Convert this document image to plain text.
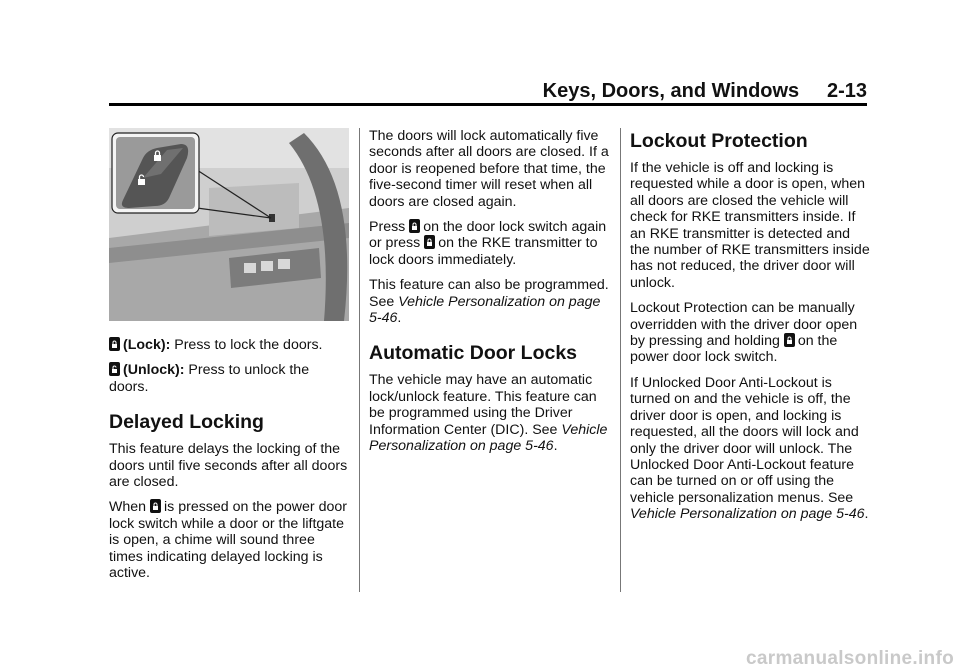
Keys, Doors, and Windows     2-13

(Lock): Press to lock the doors.

(Unlock): Press to unlock the doors.

Delayed Locking

This feature delays the locking of the doors until five seconds after all doors are closed.

When is pressed on the power door lock switch while a door or the liftgate is open, a chime will sound three times indicating delayed locking is active.

The doors will lock automatically five seconds after all doors are closed. If a door is reopened before that time, the five-second timer will reset when all doors are closed again.

Press on the door lock switch again or press on the RKE transmitter to lock doors immediately.

This feature can also be programmed. See Vehicle Personalization on page 5-46.

Automatic Door Locks

The vehicle may have an automatic lock/unlock feature. This feature can be programmed using the Driver Information Center (DIC). See Vehicle Personalization on page 5-46.

Lockout Protection

If the vehicle is off and locking is requested while a door is open, when all doors are closed the vehicle will check for RKE transmitters inside. If an RKE transmitter is detected and the number of RKE transmitters inside has not reduced, the driver door will unlock.

Lockout Protection can be manually overridden with the driver door open by pressing and holding on the power door lock switch.

If Unlocked Door Anti-Lockout is turned on and the vehicle is off, the driver door is open, and locking is requested, all the doors will lock and only the driver door will unlock. The Unlocked Door Anti-Lockout feature can be turned on or off using the vehicle personalization menus. See Vehicle Personalization on page 5-46.

carmanualsonline.info
